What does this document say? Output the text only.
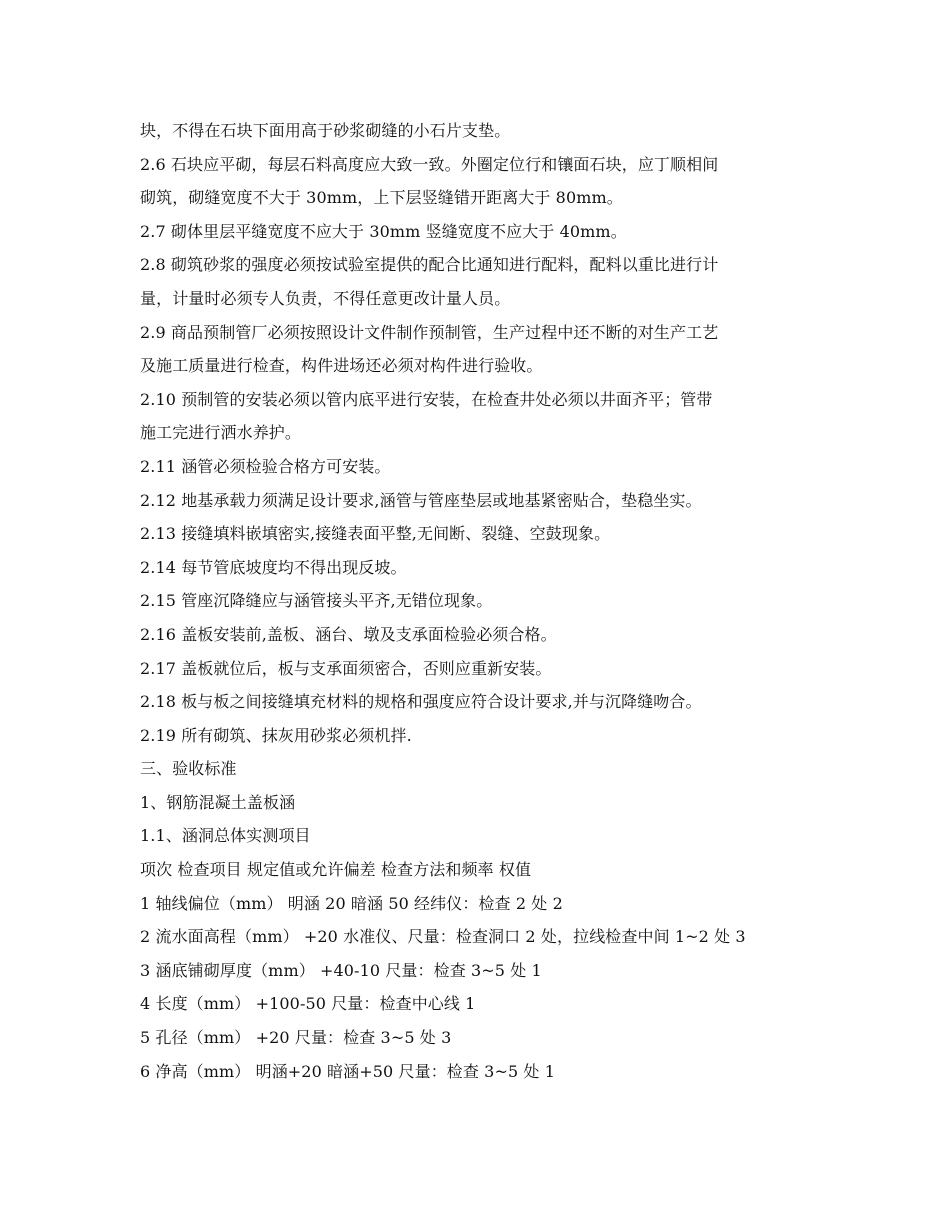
块，不得在石块下面用高于砂浆砌缝的小石片支垫。
2.6 石块应平砌，每层石料高度应大致一致。外圈定位行和镶面石块，应丁顺相间
砌筑，砌缝宽度不大于 30mm，上下层竖缝错开距离大于 80mm。
2.7 砌体里层平缝宽度不应大于 30mm 竖缝宽度不应大于 40mm。
2.8 砌筑砂浆的强度必须按试验室提供的配合比通知进行配料，配料以重比进行计
量，计量时必须专人负责，不得任意更改计量人员。
2.9 商品预制管厂必须按照设计文件制作预制管，生产过程中还不断的对生产工艺
及施工质量进行检查，构件进场还必须对构件进行验收。
2.10 预制管的安装必须以管内底平进行安装，在检查井处必须以井面齐平；管带
施工完进行洒水养护。
2.11 涵管必须检验合格方可安装。
2.12 地基承载力须满足设计要求,涵管与管座垫层或地基紧密贴合，垫稳坐实。
2.13 接缝填料嵌填密实,接缝表面平整,无间断、裂缝、空鼓现象。
2.14 每节管底坡度均不得出现反坡。
2.15 管座沉降缝应与涵管接头平齐,无错位现象。
2.16 盖板安装前,盖板、涵台、墩及支承面检验必须合格。
2.17 盖板就位后，板与支承面须密合，否则应重新安装。
2.18 板与板之间接缝填充材料的规格和强度应符合设计要求,并与沉降缝吻合。
2.19 所有砌筑、抹灰用砂浆必须机拌.
三、验收标准
1、钢筋混凝土盖板涵
1.1、涵洞总体实测项目
项次 检查项目 规定值或允许偏差 检查方法和频率 权值
1 轴线偏位（mm） 明涵 20 暗涵 50 经纬仪：检查 2 处 2
2 流水面高程（mm） +20 水准仪、尺量：检查洞口 2 处，拉线检查中间 1~2 处 3
3 涵底铺砌厚度（mm） +40-10 尺量：检查 3~5 处 1
4 长度（mm） +100-50 尺量：检查中心线 1
5 孔径（mm） +20 尺量：检查 3~5 处 3
6 净高（mm） 明涵+20 暗涵+50 尺量：检查 3~5 处 1
